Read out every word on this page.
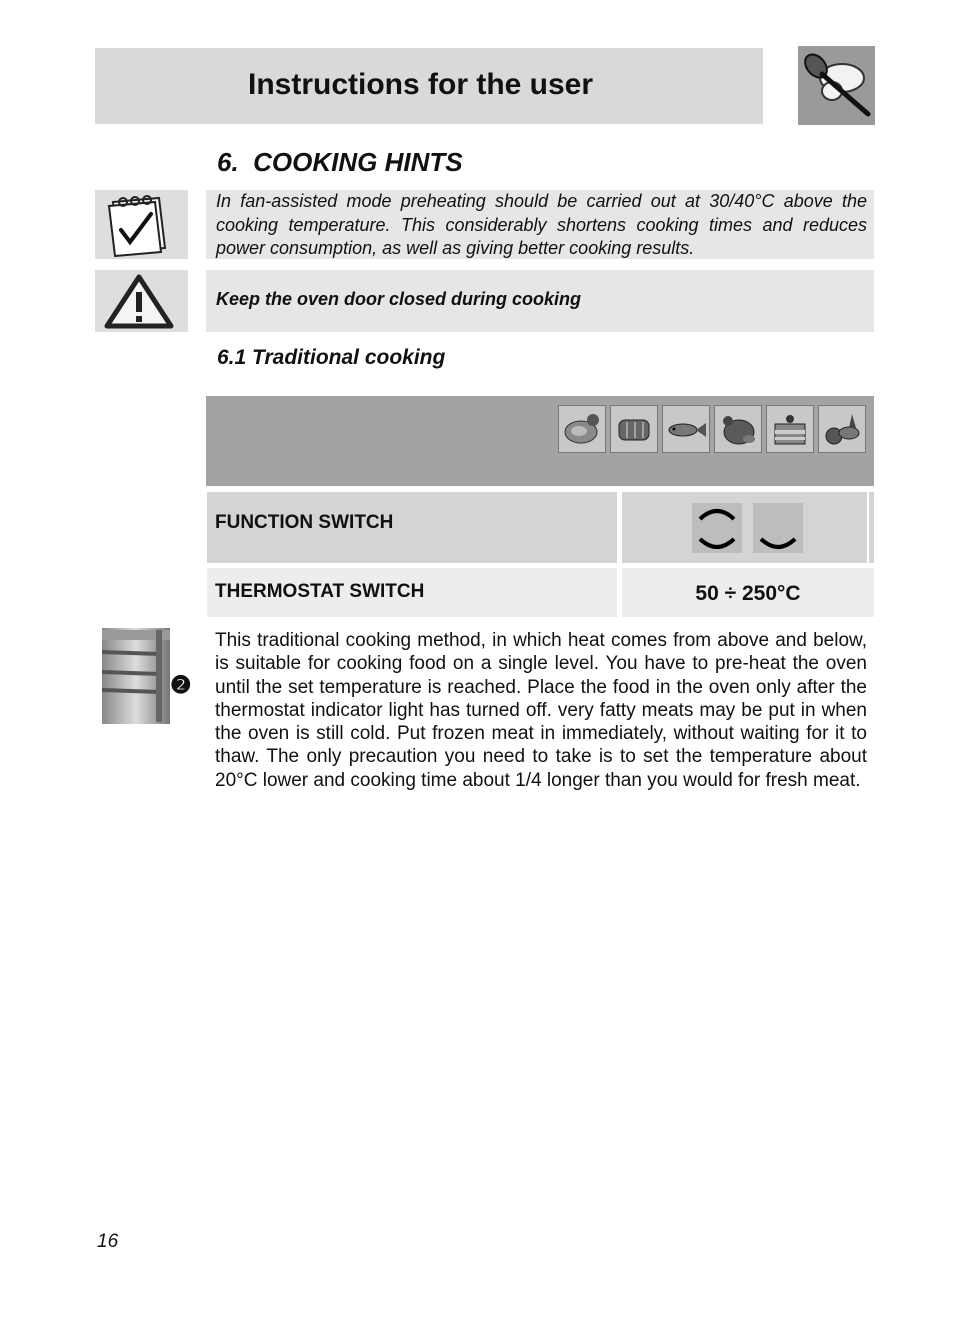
Instructions for the user
6. COOKING HINTS
In fan-assisted mode preheating should be carried out at 30/40°C above the cooking temperature. This considerably shortens cooking times and reduces power consumption, as well as giving better cooking results.
Keep the oven door closed during cooking
6.1 Traditional cooking
FUNCTION SWITCH
THERMOSTAT SWITCH	50 ÷ 250°C
❷
This traditional cooking method, in which heat comes from above and below, is suitable for cooking food on a single level. You have to pre-heat the oven until the set temperature is reached. Place the food in the oven only after the thermostat indicator light has turned off. very fatty meats may be put in when the oven is still cold. Put frozen meat in immediately, without waiting for it to thaw. The only precaution you need to take is to set the temperature about 20°C lower and cooking time about 1/4 longer than you would for fresh meat.
16
